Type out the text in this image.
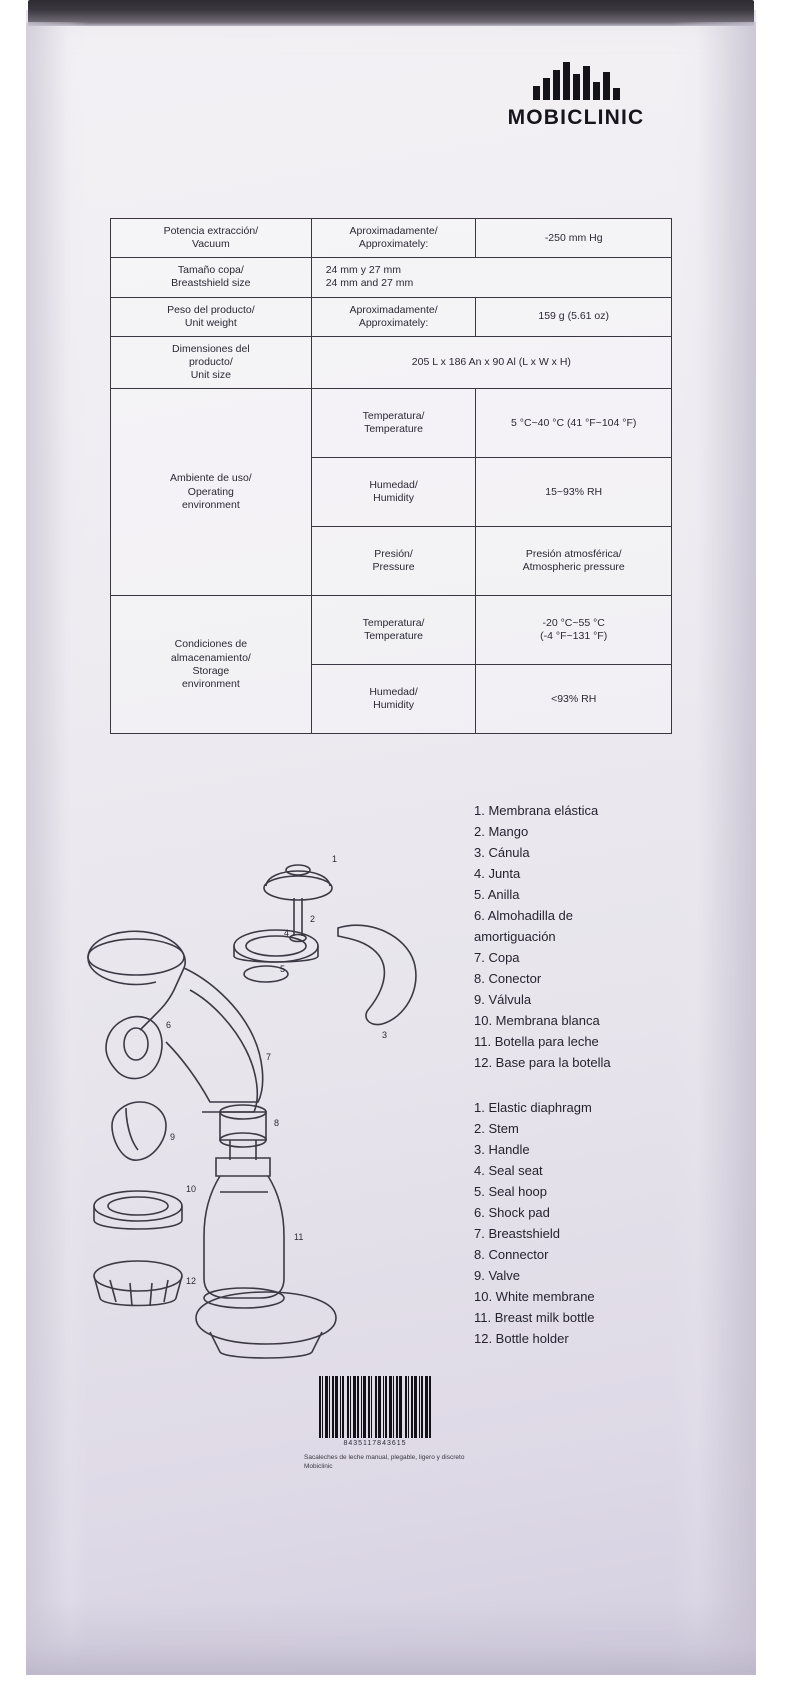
MOBICLINIC
Potencia extracción/
Vacuum	Aproximadamente/
Approximately:	-250 mm Hg

Tamaño copa/
Breastshield size	24 mm y 27 mm
24 mm and 27 mm	

Peso del producto/
Unit weight	Aproximadamente/
Approximately:	159 g (5.61 oz)

Dimensiones del
producto/
Unit size	205 L x 186 An x 90 Al (L x W x H)	

Ambiente de uso/
Operating
environment	Temperatura/
Temperature	5 °C~40 °C (41 °F~104 °F)

	Humedad/
Humidity	15~93% RH

	Presión/
Pressure	Presión atmosférica/
Atmospheric pressure

Condiciones de
almacenamiento/
Storage
environment	Temperatura/
Temperature	-20 °C~55 °C
(-4 °F~131 °F)

	Humedad/
Humidity	<93% RH
1. Membrana elástica
2. Mango
3. Cánula
4. Junta
5. Anilla
6. Almohadilla de
amortiguación
7. Copa
8. Conector
9. Válvula
10. Membrana blanca
11. Botella para leche
12. Base para la botella
1. Elastic diaphragm
2. Stem
3. Handle
4. Seal seat
5. Seal hoop
6. Shock pad
7. Breastshield
8. Connector
9. Valve
10. White membrane
11. Breast milk bottle
12. Bottle holder
1
2
3
4
5
6
7
8
9
10
11
12
8435117843615
Sacaleches de leche manual, plegable, ligero y discreto
Mobiclinic
